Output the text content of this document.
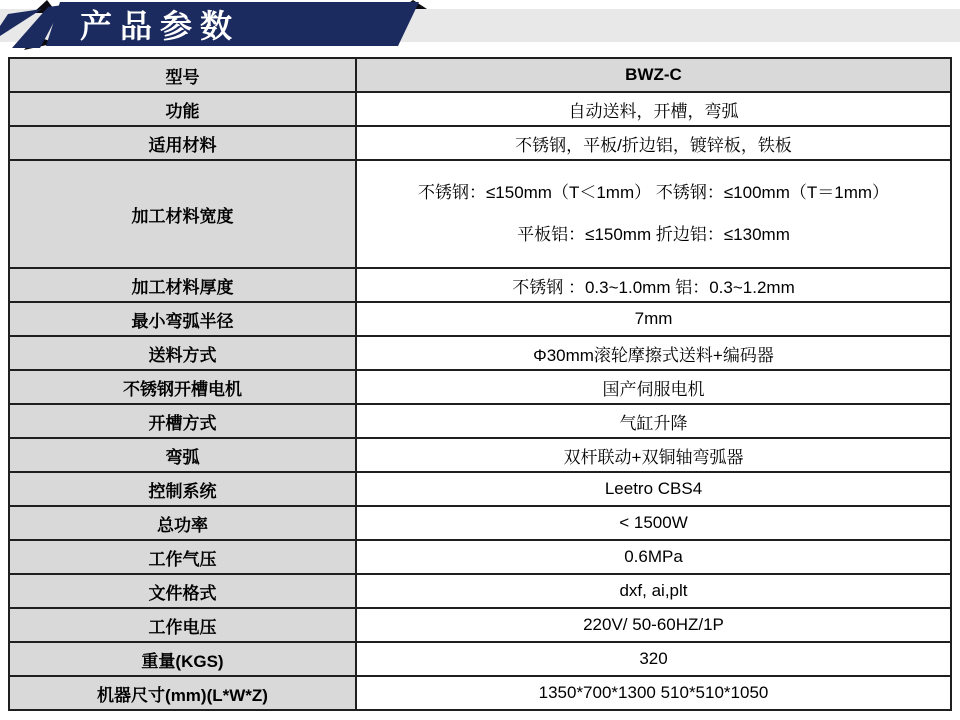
产品参数
型号	BWZ-C
功能	自动送料，开槽，弯弧
适用材料	不锈钢，平板/折边铝，镀锌板，铁板
加工材料宽度	不锈钢：≤150mm（T＜1mm） 不锈钢：≤100mm（T＝1mm）
平板铝：≤150mm 折边铝：≤130mm

加工材料厚度	不锈钢 ：0.3~1.0mm 铝：0.3~1.2mm
最小弯弧半径	7mm
送料方式	Φ30mm滚轮摩擦式送料+编码器
不锈钢开槽电机	国产伺服电机
开槽方式	气缸升降
弯弧	双杆联动+双铜轴弯弧器
控制系统	Leetro CBS4
总功率	< 1500W
工作气压	0.6MPa
文件格式	dxf, ai,plt
工作电压	220V/ 50-60HZ/1P
重量(KGS)	320
机器尺寸(mm)(L*W*Z)	1350*700*1300 510*510*1050
